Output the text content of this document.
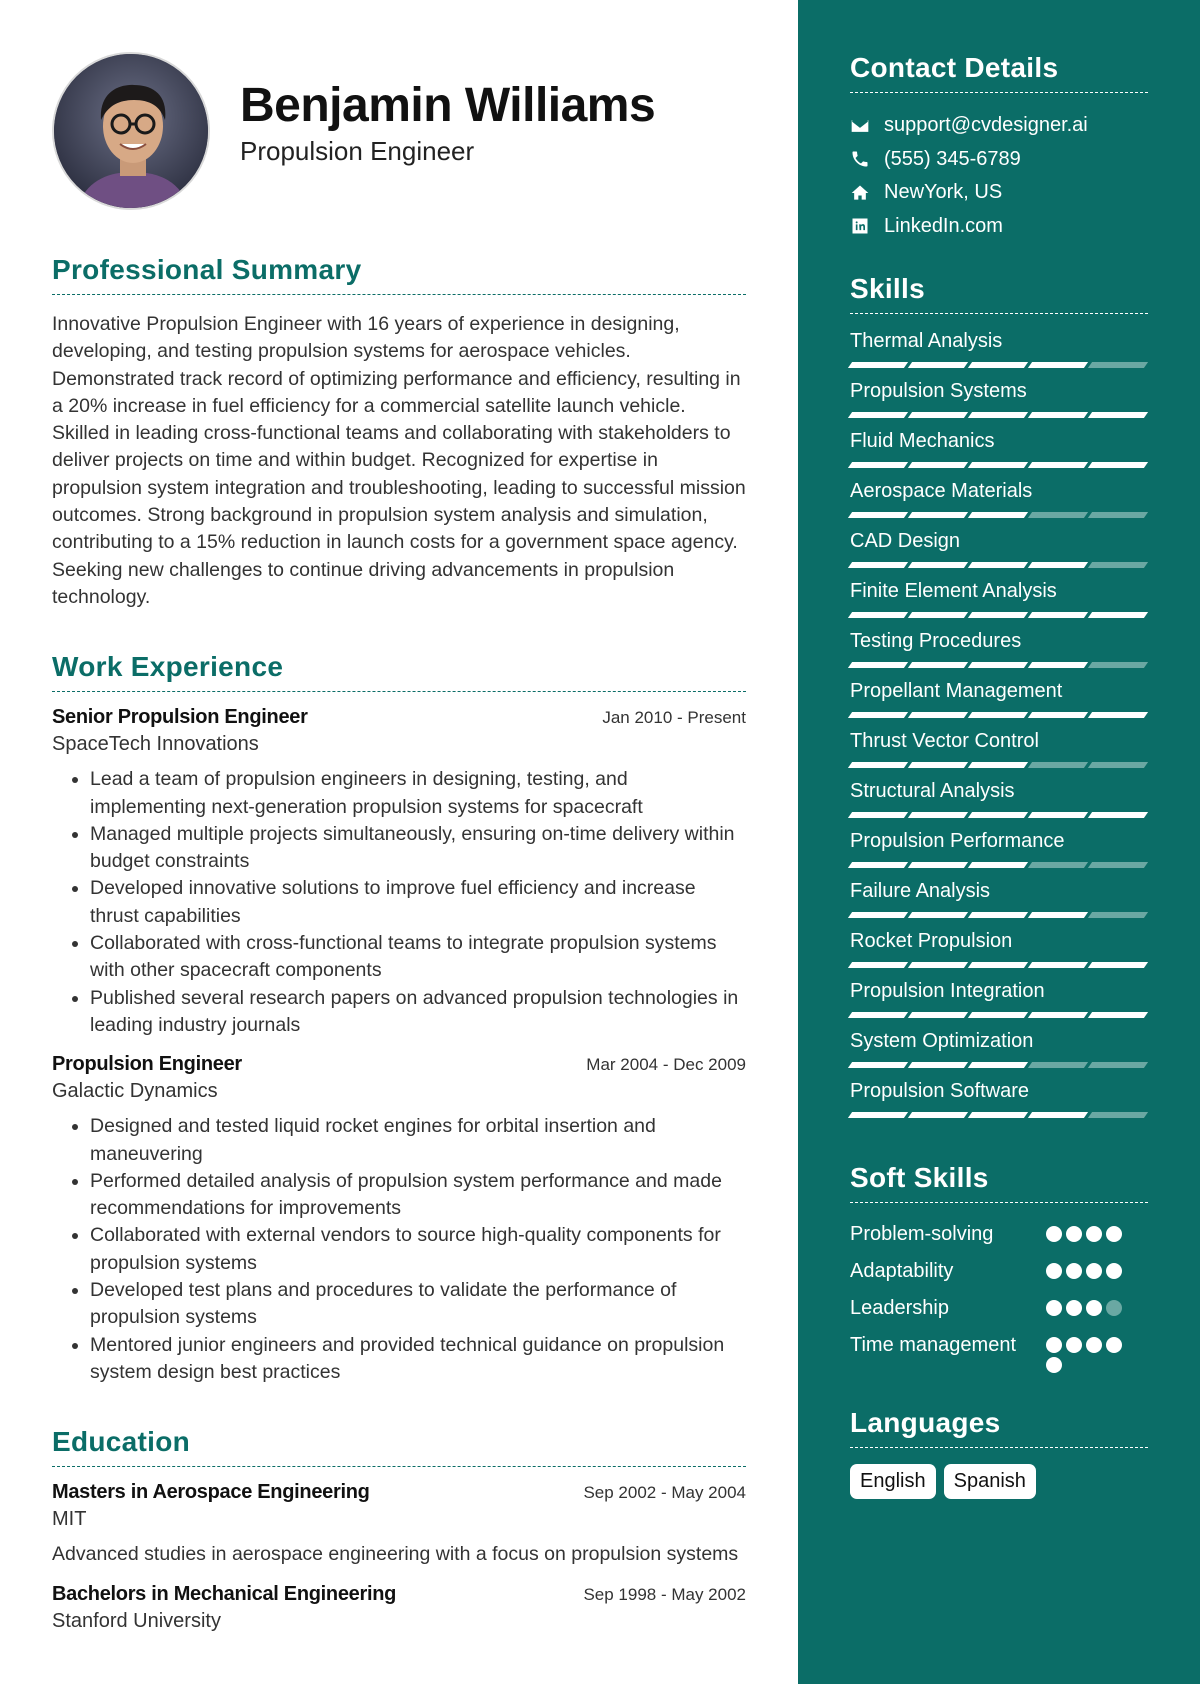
Benjamin Williams
Propulsion Engineer
Professional Summary

Innovative Propulsion Engineer with 16 years of experience in designing, developing, and testing propulsion systems for aerospace vehicles. Demonstrated track record of optimizing performance and efficiency, resulting in a 20% increase in fuel efficiency for a commercial satellite launch vehicle. Skilled in leading cross-functional teams and collaborating with stakeholders to deliver projects on time and within budget. Recognized for expertise in propulsion system integration and troubleshooting, leading to successful mission outcomes. Strong background in propulsion system analysis and simulation, contributing to a 15% reduction in launch costs for a government space agency. Seeking new challenges to continue driving advancements in propulsion technology.

Work Experience
Senior Propulsion Engineer	Jan 2010 - Present
SpaceTech Innovations
• Lead a team of propulsion engineers in designing, testing, and implementing next-generation propulsion systems for spacecraft
• Managed multiple projects simultaneously, ensuring on-time delivery within budget constraints
• Developed innovative solutions to improve fuel efficiency and increase thrust capabilities
• Collaborated with cross-functional teams to integrate propulsion systems with other spacecraft components
• Published several research papers on advanced propulsion technologies in leading industry journals
Propulsion Engineer	Mar 2004 - Dec 2009
Galactic Dynamics
• Designed and tested liquid rocket engines for orbital insertion and maneuvering
• Performed detailed analysis of propulsion system performance and made recommendations for improvements
• Collaborated with external vendors to source high-quality components for propulsion systems
• Developed test plans and procedures to validate the performance of propulsion systems
• Mentored junior engineers and provided technical guidance on propulsion system design best practices
Education
Masters in Aerospace Engineering	Sep 2002 - May 2004
MIT

Advanced studies in aerospace engineering with a focus on propulsion systems

Bachelors in Mechanical Engineering	Sep 1998 - May 2002
Stanford University
Contact Details
support@cvdesigner.ai
(555) 345-6789
NewYork, US
LinkedIn.com
Skills
Thermal Analysis
Propulsion Systems
Fluid Mechanics
Aerospace Materials
CAD Design
Finite Element Analysis
Testing Procedures
Propellant Management
Thrust Vector Control
Structural Analysis
Propulsion Performance
Failure Analysis
Rocket Propulsion
Propulsion Integration
System Optimization
Propulsion Software
Soft Skills
Problem-solving
Adaptability
Leadership
Time management
Languages
English	Spanish
